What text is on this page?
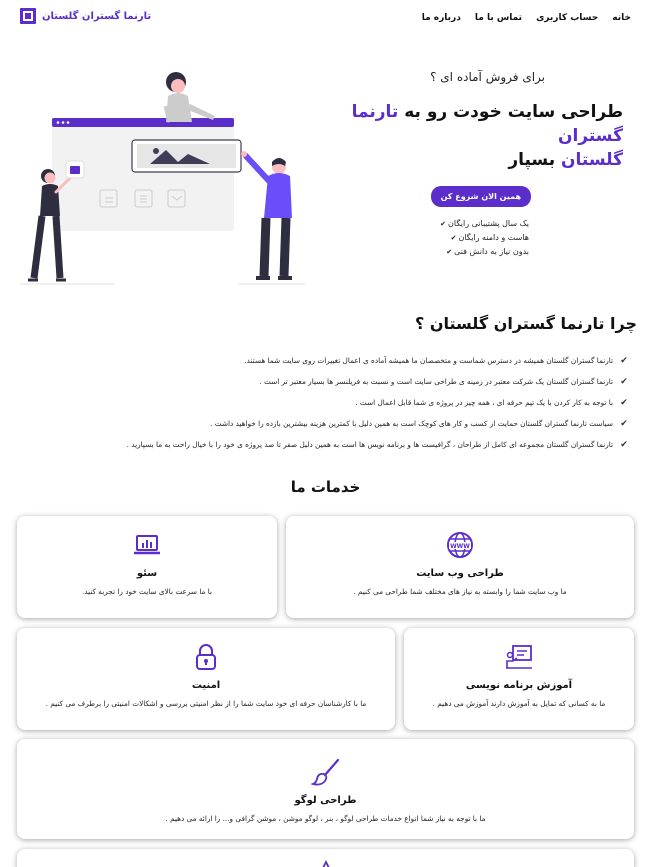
خانه
حساب کاربری
تماس با ما
درباره ما
تارنما گستران گلستان
برای فروش آماده ای ؟
طراحی سایت خودت رو به تارنما گستران
گلستان بسپار
همین الان شروع کن
یک سال پشتیبانی رایگان ✔
هاست و دامنه رایگان ✔
بدون نیاز به دانش فنی ✔
چرا تارنما گستران گلستان ؟
✔
تارنما گستران گلستان همیشه در دسترس شماست و متخصصان ما همیشه آماده ی اعمال تغییرات روی سایت شما هستند.
✔
تارنما گستران گلستان یک شرکت معتبر در زمینه ی طراحی سایت است و نسبت به فریلنسر ها بسیار معتبر تر است .
✔
با توجه به کار کردن با یک تیم حرفه ای ، همه چیز در پروژه ی شما قابل اعمال است .
✔
سیاست تارنما گستران گلستان حمایت از کسب و کار های کوچک است به همین دلیل با کمترین هزینه بیشترین بازده را خواهید داشت .
✔
تارنما گستران گلستان مجموعه ای کامل از طراحان ، گرافیست ها و برنامه نویس ها است به همین دلیل صفر تا صد پروژه ی خود را با خیال راحت به ما بسپارید .
خدمات ما
WWW
طراحی وب سایت

ما وب سایت شما را وابسته به نیاز های مختلف شما طراحی می کنیم .

سئو

با ما سرعت بالای سایت خود را تجربه کنید.

آموزش برنامه نویسی

ما به کسانی که تمایل به آموزش دارند آموزش می دهیم .

امنیت

ما با کارشناسان حرفه ای خود سایت شما را از نظر امنیتی بررسی و اشکالات امنیتی را برطرف می کنیم .

طراحی لوگو

ما با توجه به نیاز شما انواع خدمات طراحی لوگو ، بنر ، لوگو موشن ، موشن گرافی و... را ارائه می دهیم .
